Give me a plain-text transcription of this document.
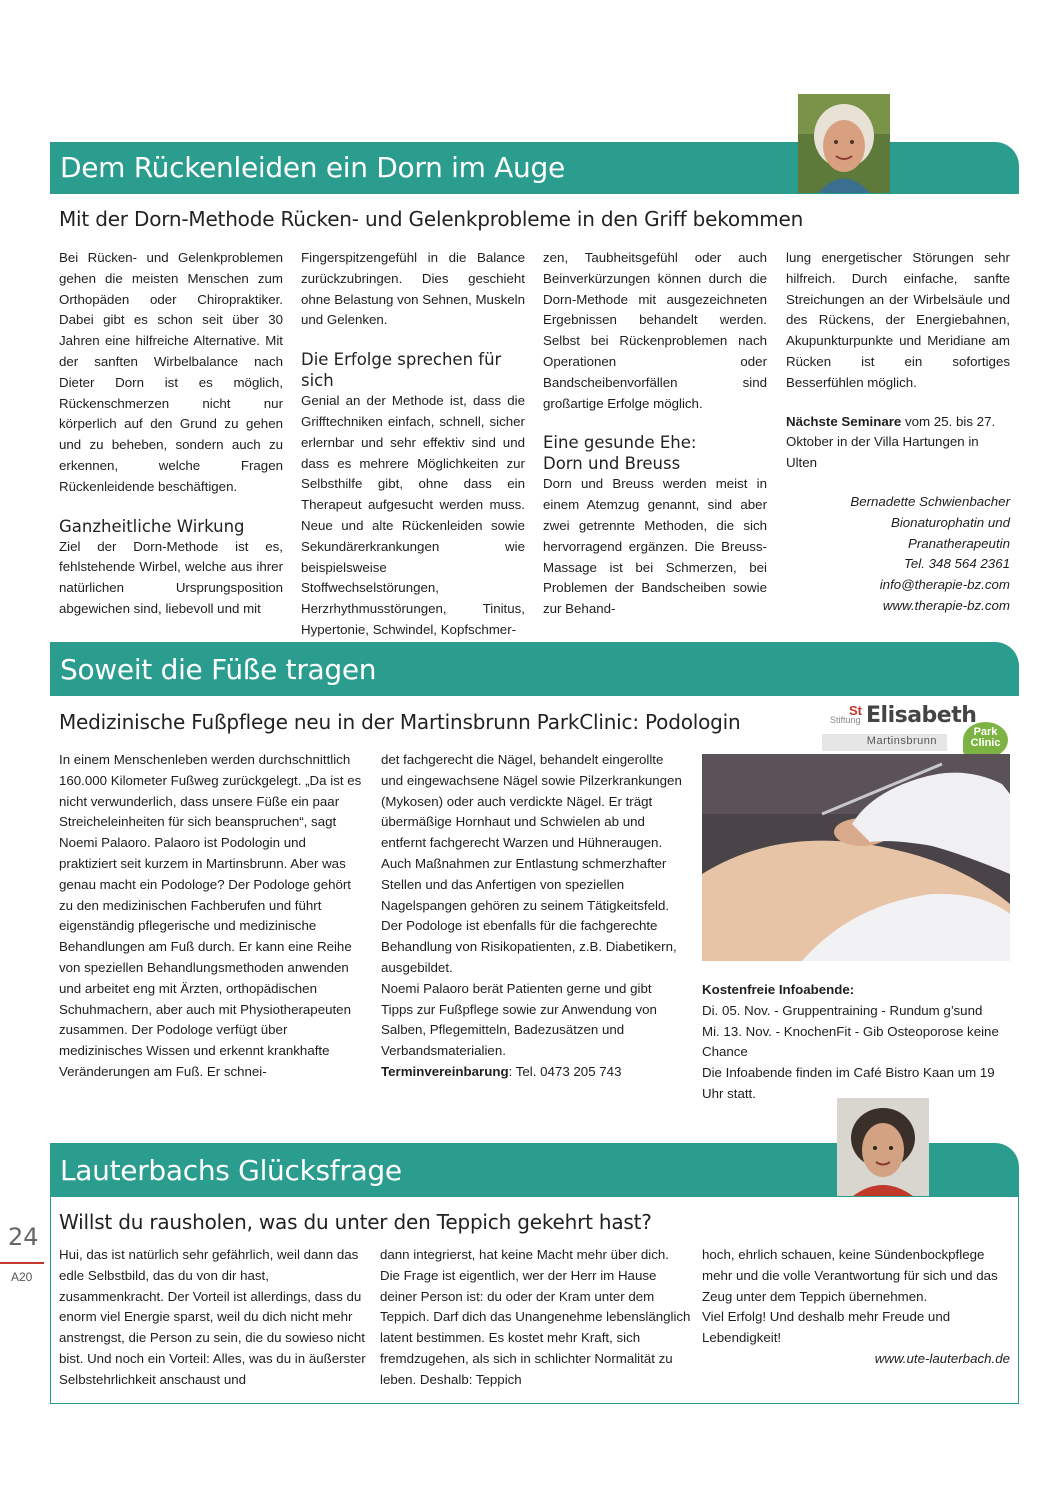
Dem Rückenleiden ein Dorn im Auge
Mit der Dorn-Methode Rücken- und Gelenkprobleme in den Griff bekommen

Bei Rücken- und Gelenkproblemen gehen die meisten Menschen zum Orthopäden oder Chiropraktiker. Dabei gibt es schon seit über 30 Jahren eine hilfreiche Alternative. Mit der sanften Wirbelbalance nach Dieter Dorn ist es möglich, Rückenschmerzen nicht nur körperlich auf den Grund zu gehen und zu beheben, sondern auch zu erkennen, welche Fragen Rückenleidende beschäftigen.

Ganzheitliche Wirkung

Ziel der Dorn-Methode ist es, fehlstehende Wirbel, welche aus ihrer natürlichen Ursprungsposition abgewichen sind, liebevoll und mit

Fingerspitzengefühl in die Balance zurückzubringen. Dies geschieht ohne Belastung von Sehnen, Muskeln und Gelenken.

Die Erfolge sprechen für sich

Genial an der Methode ist, dass die Grifftechniken einfach, schnell, sicher erlernbar und sehr effektiv sind und dass es mehrere Möglichkeiten zur Selbsthilfe gibt, ohne dass ein Therapeut aufgesucht werden muss. Neue und alte Rückenleiden sowie Sekundärerkrankungen wie beispielsweise Stoffwechselstörungen, Herzrhythmusstörungen, Tinitus, Hypertonie, Schwindel, Kopfschmer-

zen, Taubheitsgefühl oder auch Beinverkürzungen können durch die Dorn-Methode mit ausgezeichneten Ergebnissen behandelt werden. Selbst bei Rückenproblemen nach Operationen oder Bandscheibenvorfällen sind großartige Erfolge möglich.

Eine gesunde Ehe:
Dorn und Breuss

Dorn und Breuss werden meist in einem Atemzug genannt, sind aber zwei getrennte Methoden, die sich hervorragend ergänzen. Die Breuss-Massage ist bei Schmerzen, bei Problemen der Bandscheiben sowie zur Behand-

lung energetischer Störungen sehr hilfreich. Durch einfache, sanfte Streichungen an der Wirbelsäule und des Rückens, der Energiebahnen, Akupunkturpunkte und Meridiane am Rücken ist ein sofortiges Besserfühlen möglich.

Nächste Seminare vom 25. bis 27. Oktober in der Villa Hartungen in Ulten

Bernadette Schwienbacher

Bionaturophatin und

Pranatherapeutin

Tel. 348 564 2361

info@therapie-bz.com

www.therapie-bz.com

Soweit die Füße tragen
Medizinische Fußpflege neu in der Martinsbrunn ParkClinic: Podologin	Stiftung
St Elisabeth
Martinsbrunn
Park
Clinic

In einem Menschenleben werden durchschnittlich 160.000 Kilometer Fußweg zurückgelegt. „Da ist es nicht verwunderlich, dass unsere Füße ein paar Streicheleinheiten für sich beanspruchen“, sagt Noemi Palaoro. Palaoro ist Podologin und praktiziert seit kurzem in Martinsbrunn. Aber was genau macht ein Podologe? Der Podologe gehört zu den medizinischen Fachberufen und führt eigenständig pflegerische und medizinische Behandlungen am Fuß durch. Er kann eine Reihe von speziellen Behandlungsmethoden anwenden und arbeitet eng mit Ärzten, orthopädischen Schuhmachern, aber auch mit Physiotherapeuten zusammen. Der Podologe verfügt über medizinisches Wissen und erkennt krankhafte Veränderungen am Fuß. Er schnei-

det fachgerecht die Nägel, behandelt eingerollte und eingewachsene Nägel sowie Pilzerkrankungen (Mykosen) oder auch verdickte Nägel. Er trägt übermäßige Hornhaut und Schwielen ab und entfernt fachgerecht Warzen und Hühneraugen. Auch Maßnahmen zur Entlastung schmerzhafter Stellen und das Anfertigen von speziellen Nagelspangen gehören zu seinem Tätigkeitsfeld. Der Podologe ist ebenfalls für die fachgerechte Behandlung von Risikopatienten, z.B. Diabetikern, ausgebildet.

Noemi Palaoro berät Patienten gerne und gibt Tipps zur Fußpflege sowie zur Anwendung von Salben, Pflegemitteln, Badezusätzen und Verbandsmaterialien.

Terminvereinbarung: Tel. 0473 205 743

Kostenfreie Infoabende:

Di. 05. Nov. - Gruppentraining - Rundum g’sund

Mi. 13. Nov. - KnochenFit - Gib Osteoporose keine Chance

Die Infoabende finden im Café Bistro Kaan um 19 Uhr statt.

Lauterbachs Glücksfrage
Willst du rausholen, was du unter den Teppich gekehrt hast?

Hui, das ist natürlich sehr gefährlich, weil dann das edle Selbstbild, das du von dir hast, zusammenkracht. Der Vorteil ist allerdings, dass du enorm viel Energie sparst, weil du dich nicht mehr anstrengst, die Person zu sein, die du sowieso nicht bist. Und noch ein Vorteil: Alles, was du in äußerster Selbstehrlichkeit anschaust und

dann integrierst, hat keine Macht mehr über dich. Die Frage ist eigentlich, wer der Herr im Hause deiner Person ist: du oder der Kram unter dem Teppich. Darf dich das Unangenehme lebenslänglich latent bestimmen. Es kostet mehr Kraft, sich fremdzugehen, als sich in schlichter Normalität zu leben. Deshalb: Teppich

hoch, ehrlich schauen, keine Sündenbockpflege mehr und die volle Verantwortung für sich und das Zeug unter dem Teppich übernehmen.

Viel Erfolg! Und deshalb mehr Freude und Lebendigkeit!

www.ute-lauterbach.de

24
A20
